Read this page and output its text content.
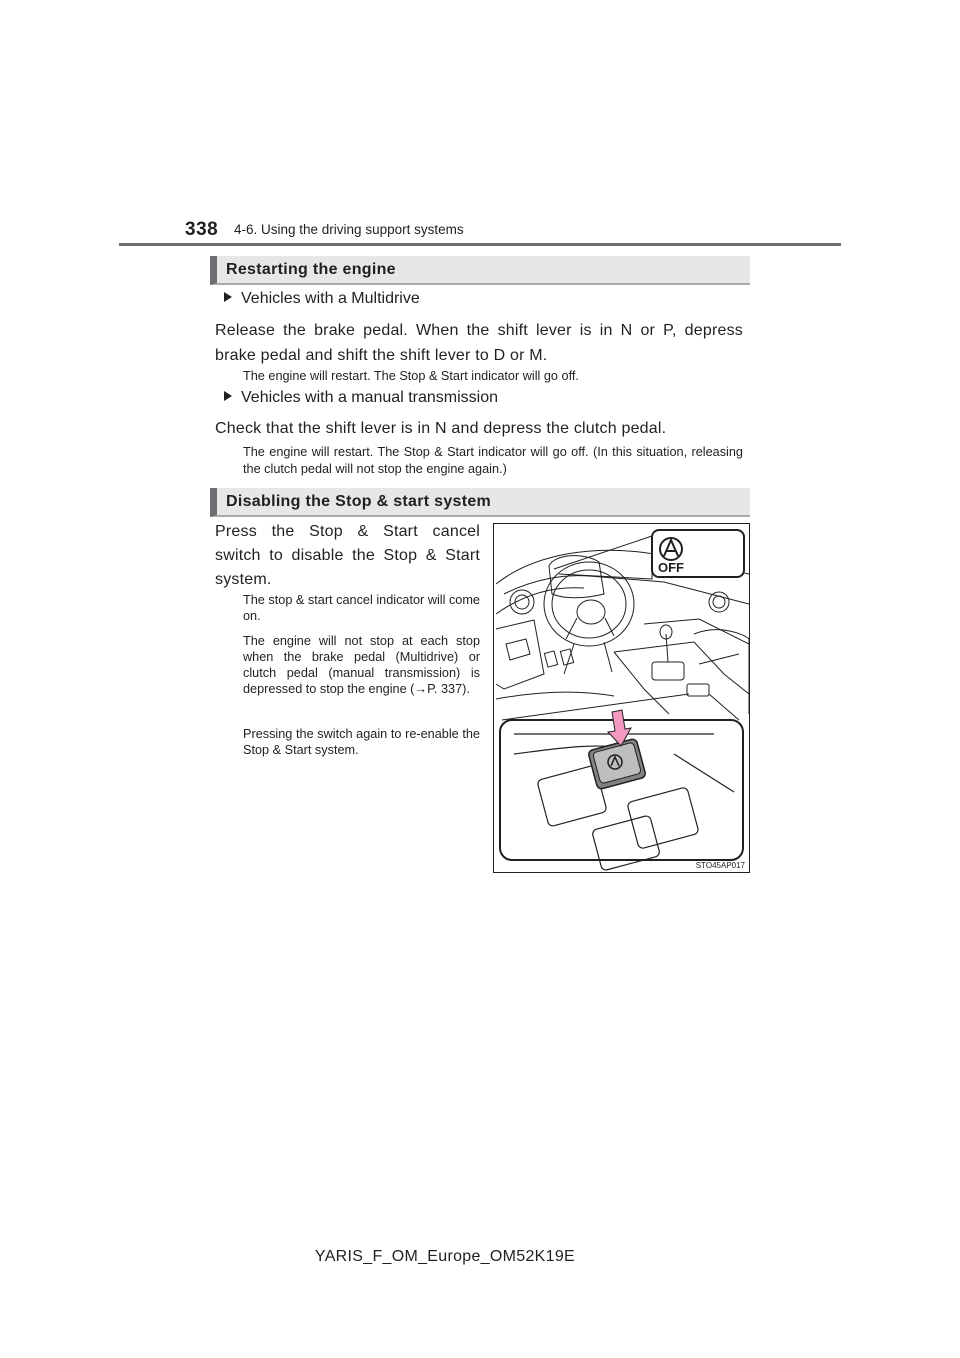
338 4-6. Using the driving support systems
Restarting the engine
Vehicles with a Multidrive
Release the brake pedal. When the shift lever is in N or P, depress brake pedal and shift the shift lever to D or M.
The engine will restart. The Stop & Start indicator will go off.
Vehicles with a manual transmission
Check that the shift lever is in N and depress the clutch pedal.
The engine will restart. The Stop & Start indicator will go off. (In this situation, releasing the clutch pedal will not stop the engine again.)
Disabling the Stop & start system
Press the Stop & Start cancel switch to disable the Stop & Start system.
The stop & start cancel indicator will come on.
The engine will not stop at each stop when the brake pedal (Multidrive) or clutch pedal (manual transmission) is depressed to stop the engine (→P. 337).
Pressing the switch again to re-enable the Stop & Start system.
OFF
STO45AP017
YARIS_F_OM_Europe_OM52K19E
